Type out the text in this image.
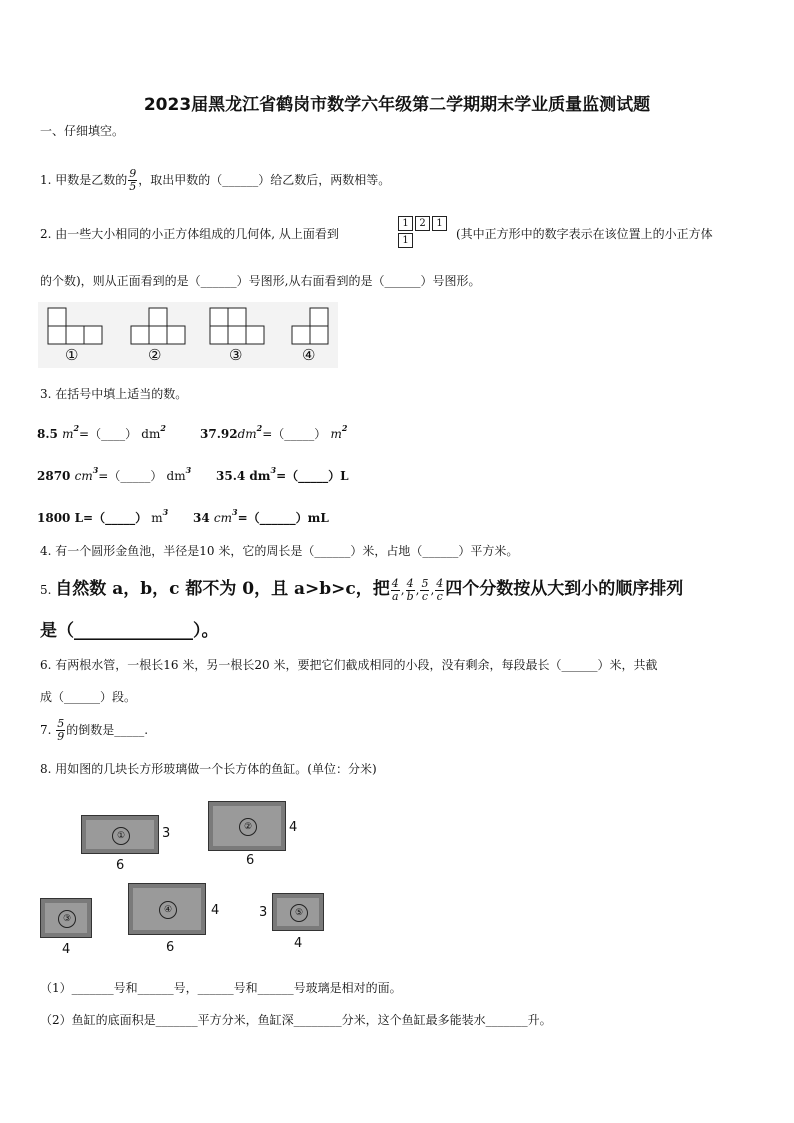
2023届黑龙江省鹤岗市数学六年级第二学期期末学业质量监测试题
一、仔细填空。
1. 甲数是乙数的 $\frac{9}{5}$ ，取出甲数的（______）给乙数后，两数相等。
2. 由一些大小相同的小正方体组成的几何体, 从上面看到
1	2	1
1	(其中正方形中的数字表示在该位置上的小正方体
的个数)，则从正面看到的是（______）号图形,从右面看到的是（______）号图形。
①	②	③	④
3. 在括号中填上适当的数。
8.5 $m^2=(\_\_\_\_)$ $dm^2$	$37.92dm^2=(\_\_\_\_\_)$ $m^2$
2870 $cm^3=(\_\_\_\_\_)$ $dm^3$ 35.4 $dm^3=(\_\_\_\_\_)L$
1800 L=（_____） $m^3$ 34 $cm^3=(\_\_\_\_\_\_)mL$
4. 有一个圆形金鱼池，半径是10 米，它的周长是（______）米，占地（______）平方米。
5. 自然数 a，b，c 都不为 0，且 a>b>c，把 $\frac{4}{a}$ , $\frac{4}{b}$ , $\frac{5}{c}$ , $\frac{4}{c}$ 四个分数按从大到小的顺序排列
是（______________）。
6. 有两根水管，一根长16 米，另一根长20 米，要把它们截成相同的小段，没有剩余，每段最长（______）米，共截
成（______）段。
7. $\frac{5}{9}$ 的倒数是_____.
8. 用如图的几块长方形玻璃做一个长方体的鱼缸。(单位：分米)
①	3
6
②	4
6
③
4
④	4
6
⑤
3
4
（1）_______号和______号，______号和______号玻璃是相对的面。
（2）鱼缸的底面积是_______平方分米，鱼缸深________分米，这个鱼缸最多能装水_______升。
